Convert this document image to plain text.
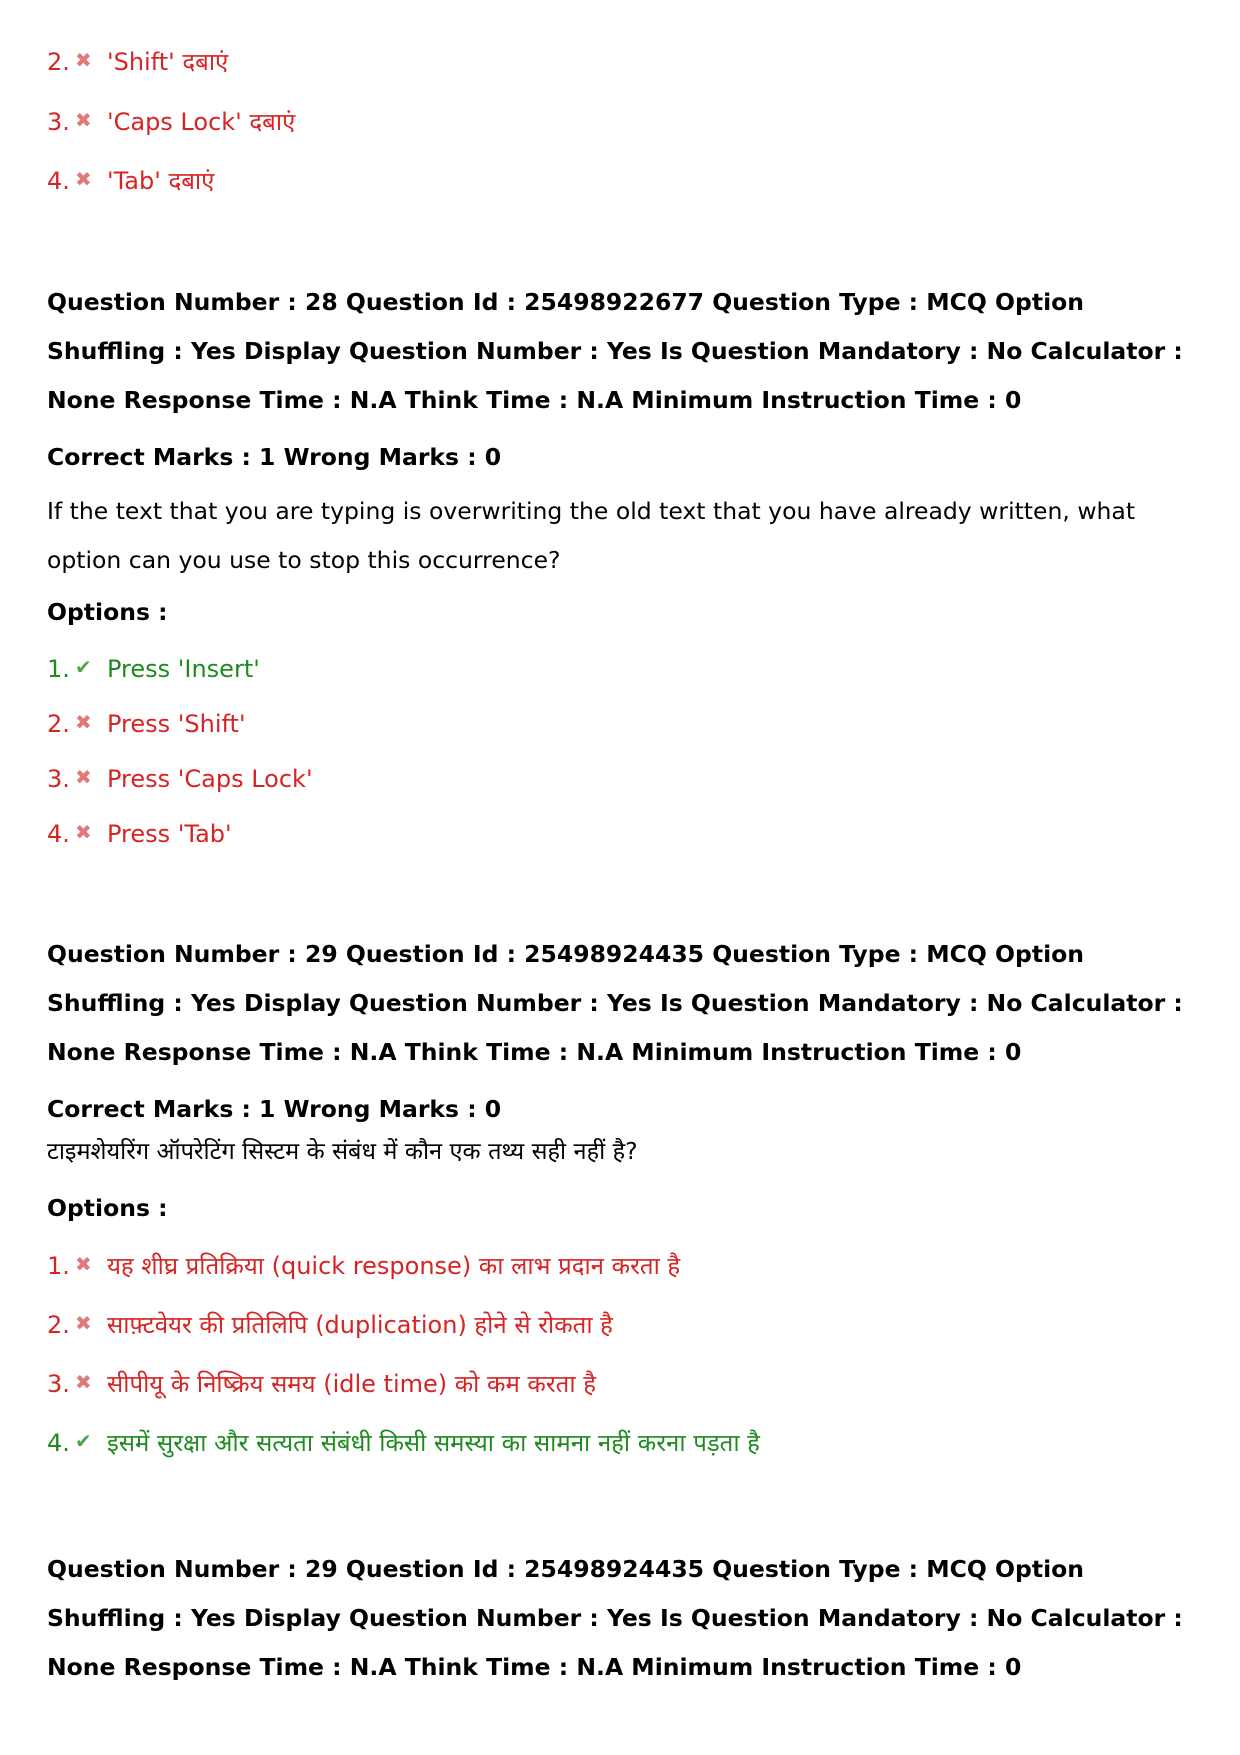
2. ✖ 'Shift' दबाएं
3. ✖ 'Caps Lock' दबाएं
4. ✖ 'Tab' दबाएं
Question Number : 28 Question Id : 25498922677 Question Type : MCQ Option Shuffling : Yes Display Question Number : Yes Is Question Mandatory : No Calculator : None Response Time : N.A Think Time : N.A Minimum Instruction Time : 0
Correct Marks : 1 Wrong Marks : 0
If the text that you are typing is overwriting the old text that you have already written, what option can you use to stop this occurrence?
Options :
1. ✔ Press 'Insert'
2. ✖ Press 'Shift'
3. ✖ Press 'Caps Lock'
4. ✖ Press 'Tab'
Question Number : 29 Question Id : 25498924435 Question Type : MCQ Option Shuffling : Yes Display Question Number : Yes Is Question Mandatory : No Calculator : None Response Time : N.A Think Time : N.A Minimum Instruction Time : 0
Correct Marks : 1 Wrong Marks : 0
टाइमशेयरिंग ऑपरेटिंग सिस्टम के संबंध में कौन एक तथ्य सही नहीं है?
Options :
1. ✖ यह शीघ्र प्रतिक्रिया (quick response) का लाभ प्रदान करता है
2. ✖ साफ़्टवेयर की प्रतिलिपि (duplication) होने से रोकता है
3. ✖ सीपीयू के निष्क्रिय समय (idle time) को कम करता है
4. ✔ इसमें सुरक्षा और सत्यता संबंधी किसी समस्या का सामना नहीं करना पड़ता है
Question Number : 29 Question Id : 25498924435 Question Type : MCQ Option Shuffling : Yes Display Question Number : Yes Is Question Mandatory : No Calculator : None Response Time : N.A Think Time : N.A Minimum Instruction Time : 0
